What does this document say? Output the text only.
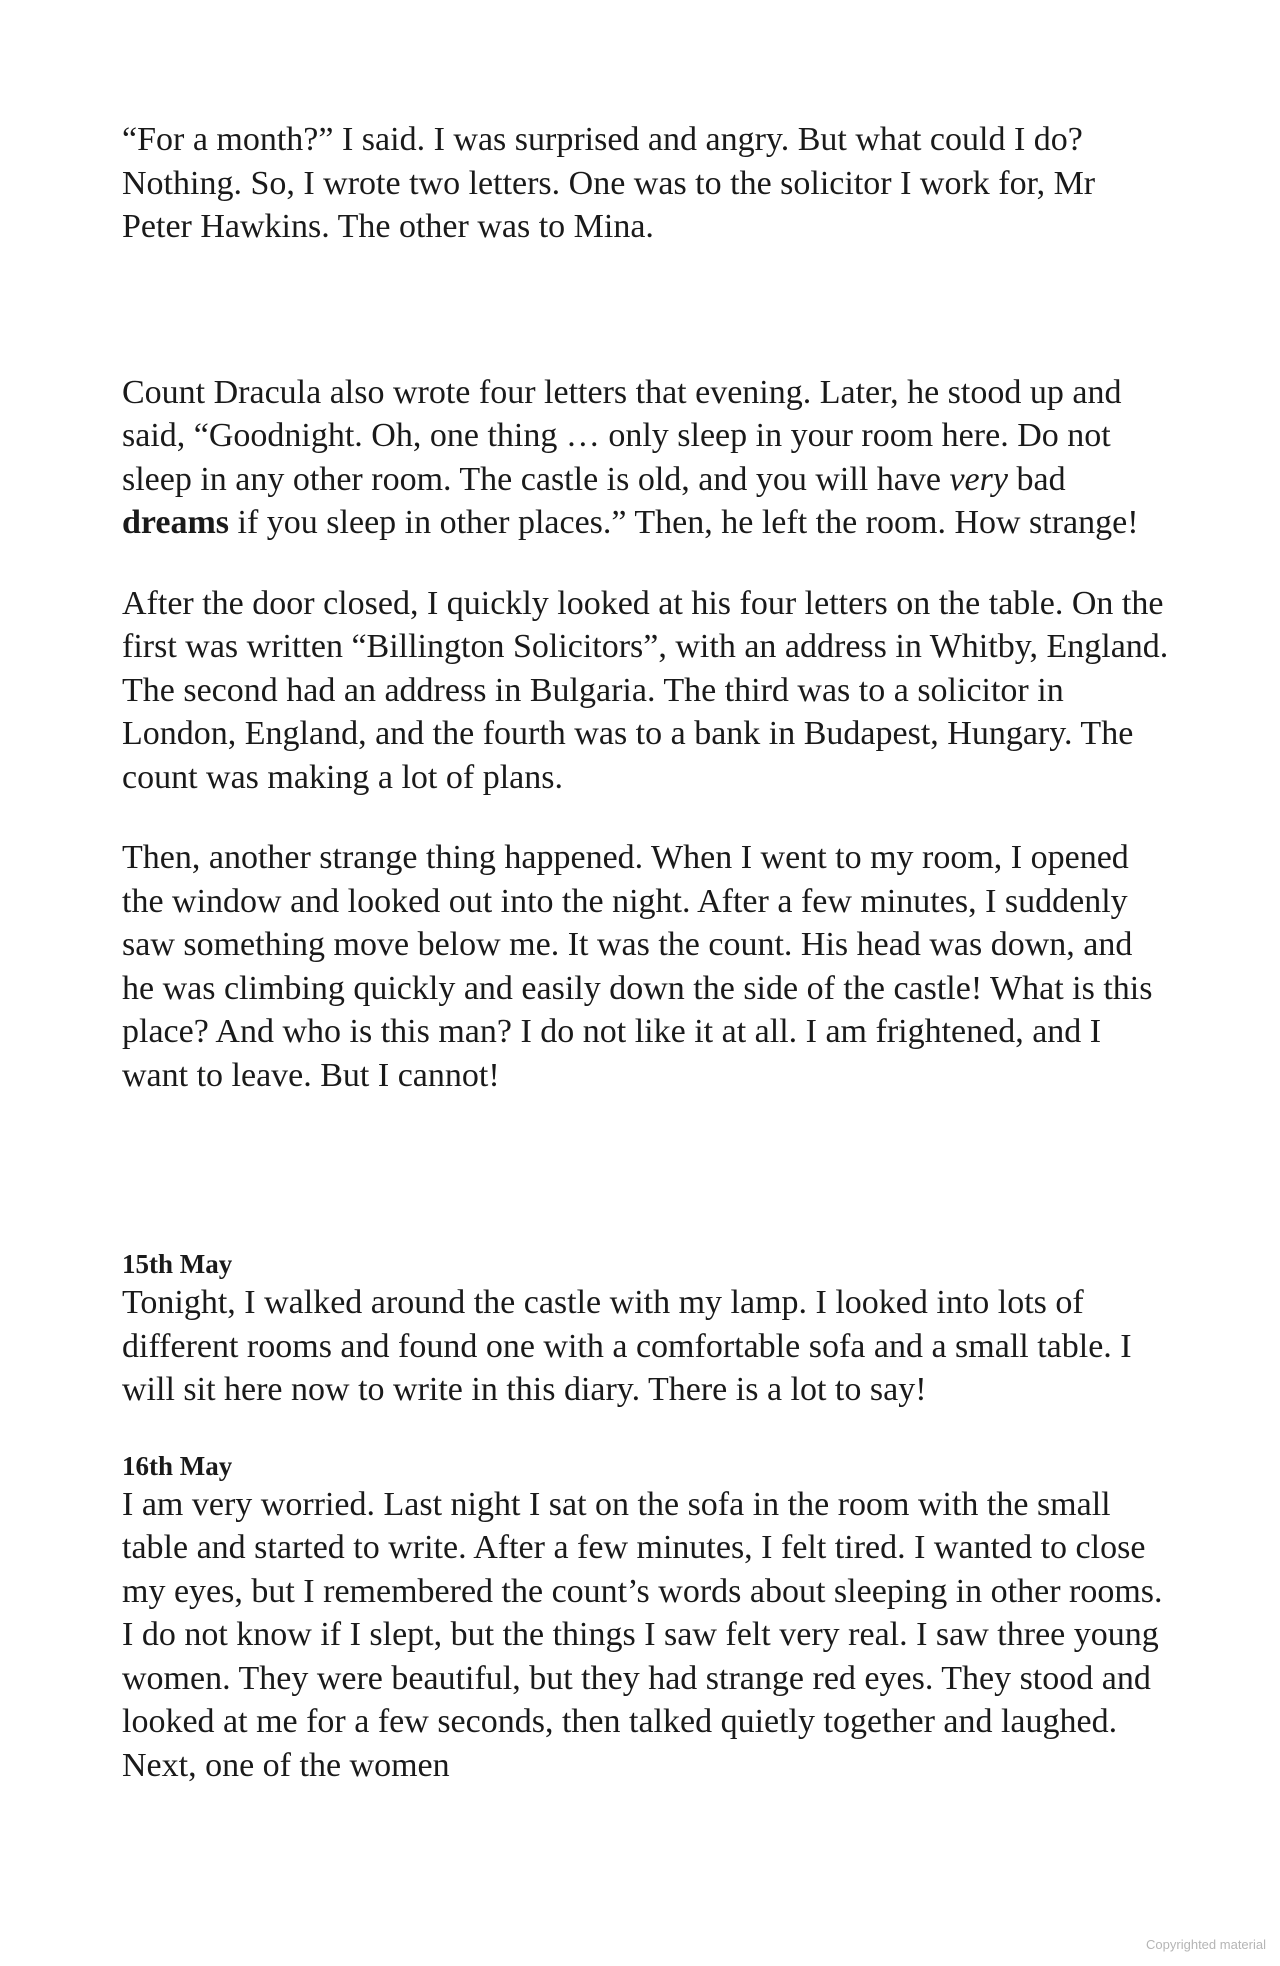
“For a month?” I said. I was surprised and angry. But what could I do? Nothing. So, I wrote two letters. One was to the solicitor I work for, Mr Peter Hawkins. The other was to Mina.

Count Dracula also wrote four letters that evening. Later, he stood up and said, “Goodnight. Oh, one thing … only sleep in your room here. Do not sleep in any other room. The castle is old, and you will have very bad dreams if you sleep in other places.” Then, he left the room. How strange!

After the door closed, I quickly looked at his four letters on the table. On the first was written “Billington Solicitors”, with an address in Whitby, England. The second had an address in Bulgaria. The third was to a solicitor in London, England, and the fourth was to a bank in Budapest, Hungary. The count was making a lot of plans.

Then, another strange thing happened. When I went to my room, I opened the window and looked out into the night. After a few minutes, I suddenly saw something move below me. It was the count. His head was down, and he was climbing quickly and easily down the side of the castle! What is this place? And who is this man? I do not like it at all. I am frightened, and I want to leave. But I cannot!

15th May

Tonight, I walked around the castle with my lamp. I looked into lots of different rooms and found one with a comfortable sofa and a small table. I will sit here now to write in this diary. There is a lot to say!

16th May

I am very worried. Last night I sat on the sofa in the room with the small table and started to write. After a few minutes, I felt tired. I wanted to close my eyes, but I remembered the count’s words about sleeping in other rooms. I do not know if I slept, but the things I saw felt very real. I saw three young women. They were beautiful, but they had strange red eyes. They stood and looked at me for a few seconds, then talked quietly together and laughed. Next, one of the women

Copyrighted material
